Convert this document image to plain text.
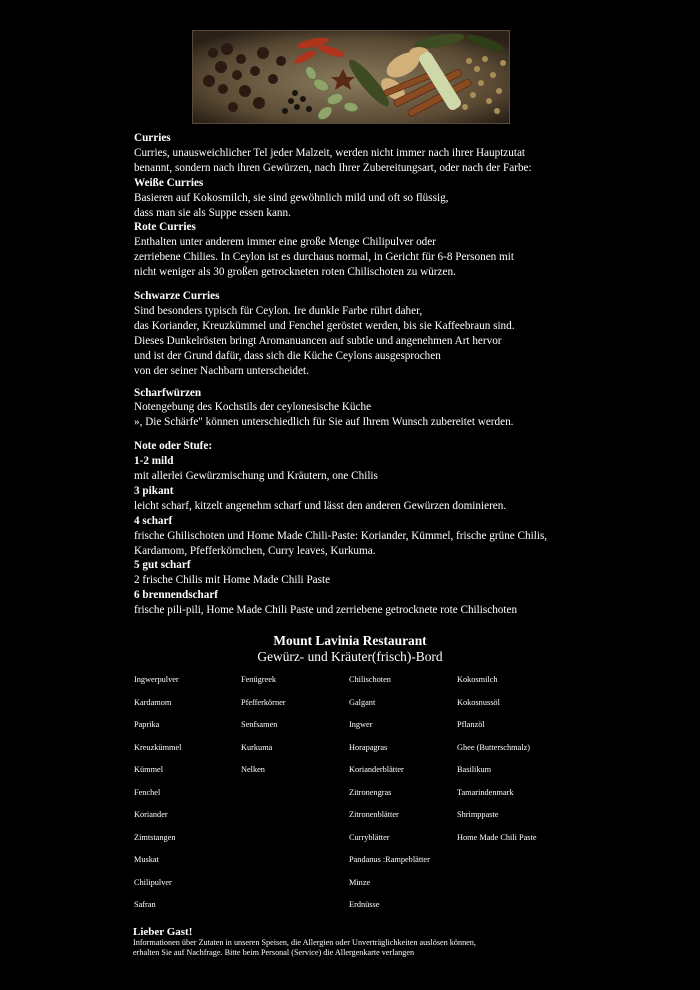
Curries

Curries, unausweichlicher Tel jeder Malzeit, werden nicht immer nach ihrer Hauptzutat

benannt, sondern nach ihren Gewürzen, nach Ihrer Zubereitungsart, oder nach der Farbe:

Weiße Curries

Basieren auf Kokosmilch, sie sind gewöhnlich mild und oft so flüssig,

dass man sie als Suppe essen kann.

Rote Curries

Enthalten unter anderem immer eine große Menge Chilipulver oder

zerriebene Chilies. In Ceylon ist es durchaus normal, in Gericht für 6-8 Personen mit

nicht weniger als 30 großen getrockneten roten Chilischoten zu würzen.

Schwarze Curries

Sind besonders typisch für Ceylon. Ire dunkle Farbe rührt daher,

das Koriander, Kreuzkümmel und Fenchel geröstet werden, bis sie Kaffeebraun sind.

Dieses Dunkelrösten bringt Aromanuancen auf subtle und angenehmen Art hervor

und ist der Grund dafür, dass sich die Küche Ceylons ausgesprochen

von der seiner Nachbarn unterscheidet.

Scharfwürzen

Notengebung des Kochstils der ceylonesische Küche

», Die Schärfe" können unterschiedlich für Sie auf Ihrem Wunsch zubereitet werden.

Note oder Stufe:

1-2 mild

mit allerlei Gewürzmischung und Kräutern, one Chilis

3 pikant

leicht scharf, kitzelt angenehm scharf und lässt den anderen Gewürzen dominieren.

4 scharf

frische Ghilischoten und Home Made Chili-Paste: Koriander, Kümmel, frische grüne Chilis,

Kardamom, Pfefferkörnchen, Curry leaves, Kurkuma.

5 gut scharf

2 frische Chilis mit Home Made Chili Paste

6 brennendscharf

frische pili-pili, Home Made Chili Paste und zerriebene getrocknete rote Chilischoten

Mount Lavinia Restaurant
Gewürz- und Kräuter(frisch)-Bord
Ingwerpulver
Kardamom
Paprika
Kreuzkümmel
Kümmel
Fenchel
Koriander
Zimtstangen
Muskat
Chilipulver
Safran
Fenügreek
Pfefferkörner
Senfsamen
Kurkuma
Nelken
Chilischoten
Galgant
Ingwer
Horapagras
Korianderblätter
Zitronengras
Zitronenblätter
Curryblätter
Pandanus :Rampeblätter
Minze
Erdnüsse
Kokosmilch
Kokosnussöl
Pflanzöl
Ghee (Butterschmalz)
Basilikum
Tamarindenmark
Shrimppaste
Home Made Chili Paste
Lieber Gast!
Informationen über Zutaten in unseren Speisen, die Allergien oder Unverträglichkeiten auslösen können,
erhalten Sie auf Nachfrage. Bitte beim Personal (Service) die Allergenkarte verlangen
